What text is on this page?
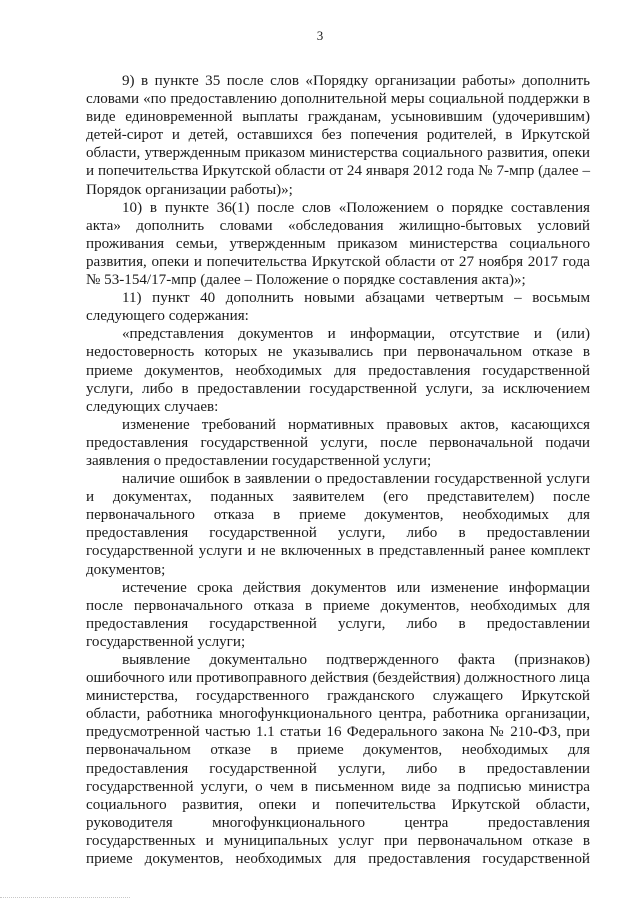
3

9) в пункте 35 после слов «Порядку организации работы» дополнить словами «по предоставлению дополнительной меры социальной поддержки в виде единовременной выплаты гражданам, усыновившим (удочерившим) детей-сирот и детей, оставшихся без попечения родителей, в Иркутской области, утвержденным приказом министерства социального развития, опеки и попечительства Иркутской области от 24 января 2012 года № 7-мпр (далее – Порядок организации работы)»;

10) в пункте 36(1) после слов «Положением о порядке составления акта» дополнить словами «обследования жилищно-бытовых условий проживания семьи, утвержденным приказом министерства социального развития, опеки и попечительства Иркутской области от 27 ноября 2017 года № 53-154/17-мпр (далее – Положение о порядке составления акта)»;

11) пункт 40 дополнить новыми абзацами четвертым – восьмым следующего содержания:

«представления документов и информации, отсутствие и (или) недостоверность которых не указывались при первоначальном отказе в приеме документов, необходимых для предоставления государственной услуги, либо в предоставлении государственной услуги, за исключением следующих случаев:

изменение требований нормативных правовых актов, касающихся предоставления государственной услуги, после первоначальной подачи заявления о предоставлении государственной услуги;

наличие ошибок в заявлении о предоставлении государственной услуги и документах, поданных заявителем (его представителем) после первоначального отказа в приеме документов, необходимых для предоставления государственной услуги, либо в предоставлении государственной услуги и не включенных в представленный ранее комплект документов;

истечение срока действия документов или изменение информации после первоначального отказа в приеме документов, необходимых для предоставления государственной услуги, либо в предоставлении государственной услуги;

выявление документально подтвержденного факта (признаков) ошибочного или противоправного действия (бездействия) должностного лица министерства, государственного гражданского служащего Иркутской области, работника многофункционального центра, работника организации, предусмотренной частью 1.1 статьи 16 Федерального закона № 210-ФЗ, при первоначальном отказе в приеме документов, необходимых для предоставления государственной услуги, либо в предоставлении государственной услуги, о чем в письменном виде за подписью министра социального развития, опеки и попечительства Иркутской области, руководителя многофункционального центра предоставления государственных и муниципальных услуг при первоначальном отказе в приеме документов, необходимых для предоставления государственной
